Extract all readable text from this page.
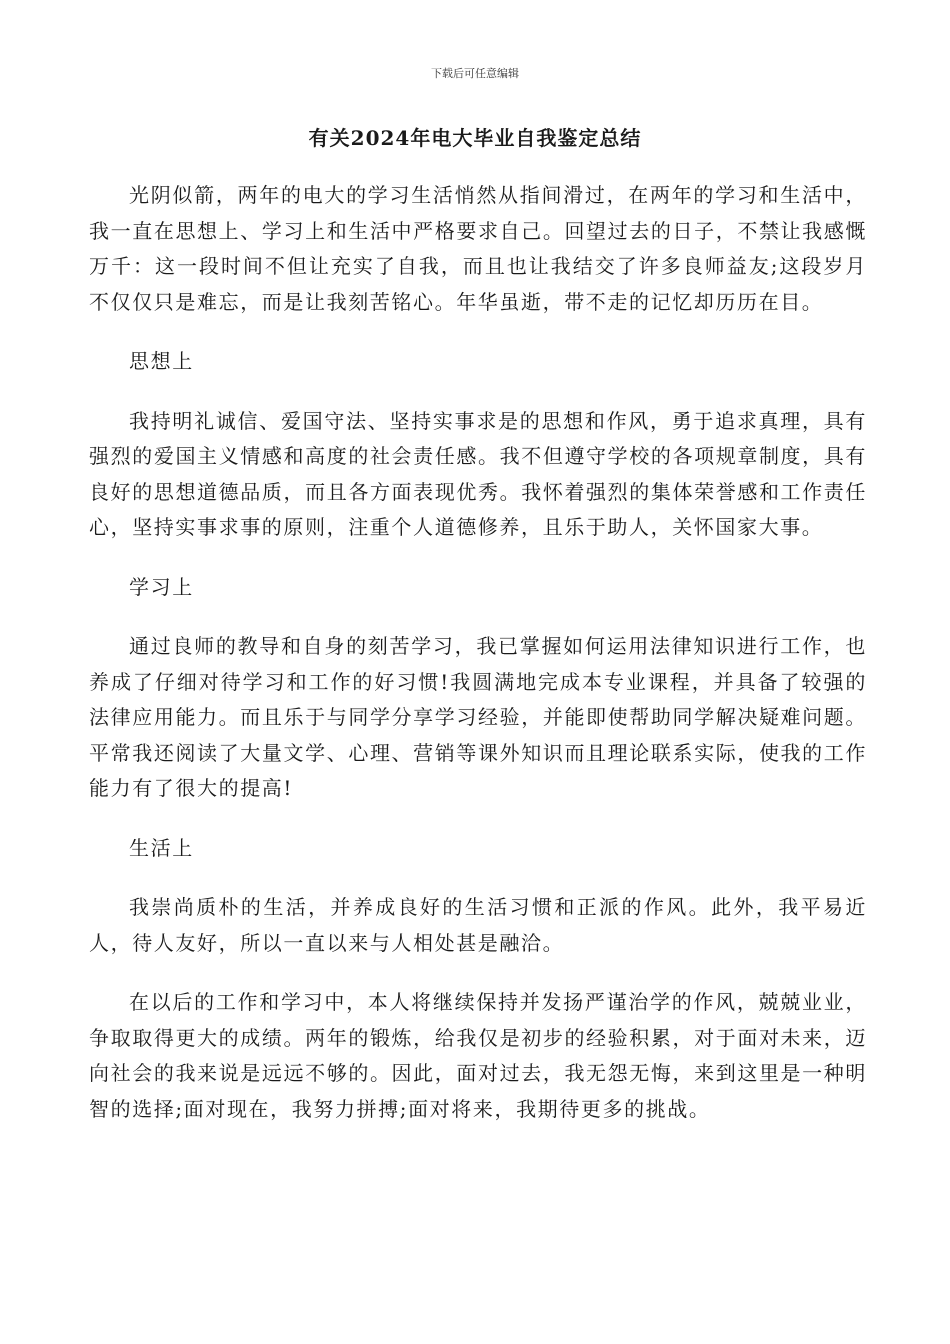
下载后可任意编辑
有关2024年电大毕业自我鉴定总结

光阴似箭，两年的电大的学习生活悄然从指间滑过，在两年的学习和生活中，我一直在思想上、学习上和生活中严格要求自己。回望过去的日子，不禁让我感慨万千：这一段时间不但让充实了自我，而且也让我结交了许多良师益友;这段岁月不仅仅只是难忘，而是让我刻苦铭心。年华虽逝，带不走的记忆却历历在目。

思想上

我持明礼诚信、爱国守法、坚持实事求是的思想和作风，勇于追求真理，具有强烈的爱国主义情感和高度的社会责任感。我不但遵守学校的各项规章制度，具有良好的思想道德品质，而且各方面表现优秀。我怀着强烈的集体荣誉感和工作责任心，坚持实事求事的原则，注重个人道德修养，且乐于助人，关怀国家大事。

学习上

通过良师的教导和自身的刻苦学习，我已掌握如何运用法律知识进行工作，也养成了仔细对待学习和工作的好习惯!我圆满地完成本专业课程，并具备了较强的法律应用能力。而且乐于与同学分享学习经验，并能即使帮助同学解决疑难问题。平常我还阅读了大量文学、心理、营销等课外知识而且理论联系实际，使我的工作能力有了很大的提高!

生活上

我崇尚质朴的生活，并养成良好的生活习惯和正派的作风。此外，我平易近人，待人友好，所以一直以来与人相处甚是融洽。

在以后的工作和学习中，本人将继续保持并发扬严谨治学的作风，兢兢业业，争取取得更大的成绩。两年的锻炼，给我仅是初步的经验积累，对于面对未来，迈向社会的我来说是远远不够的。因此，面对过去，我无怨无悔，来到这里是一种明智的选择;面对现在，我努力拼搏;面对将来，我期待更多的挑战。
